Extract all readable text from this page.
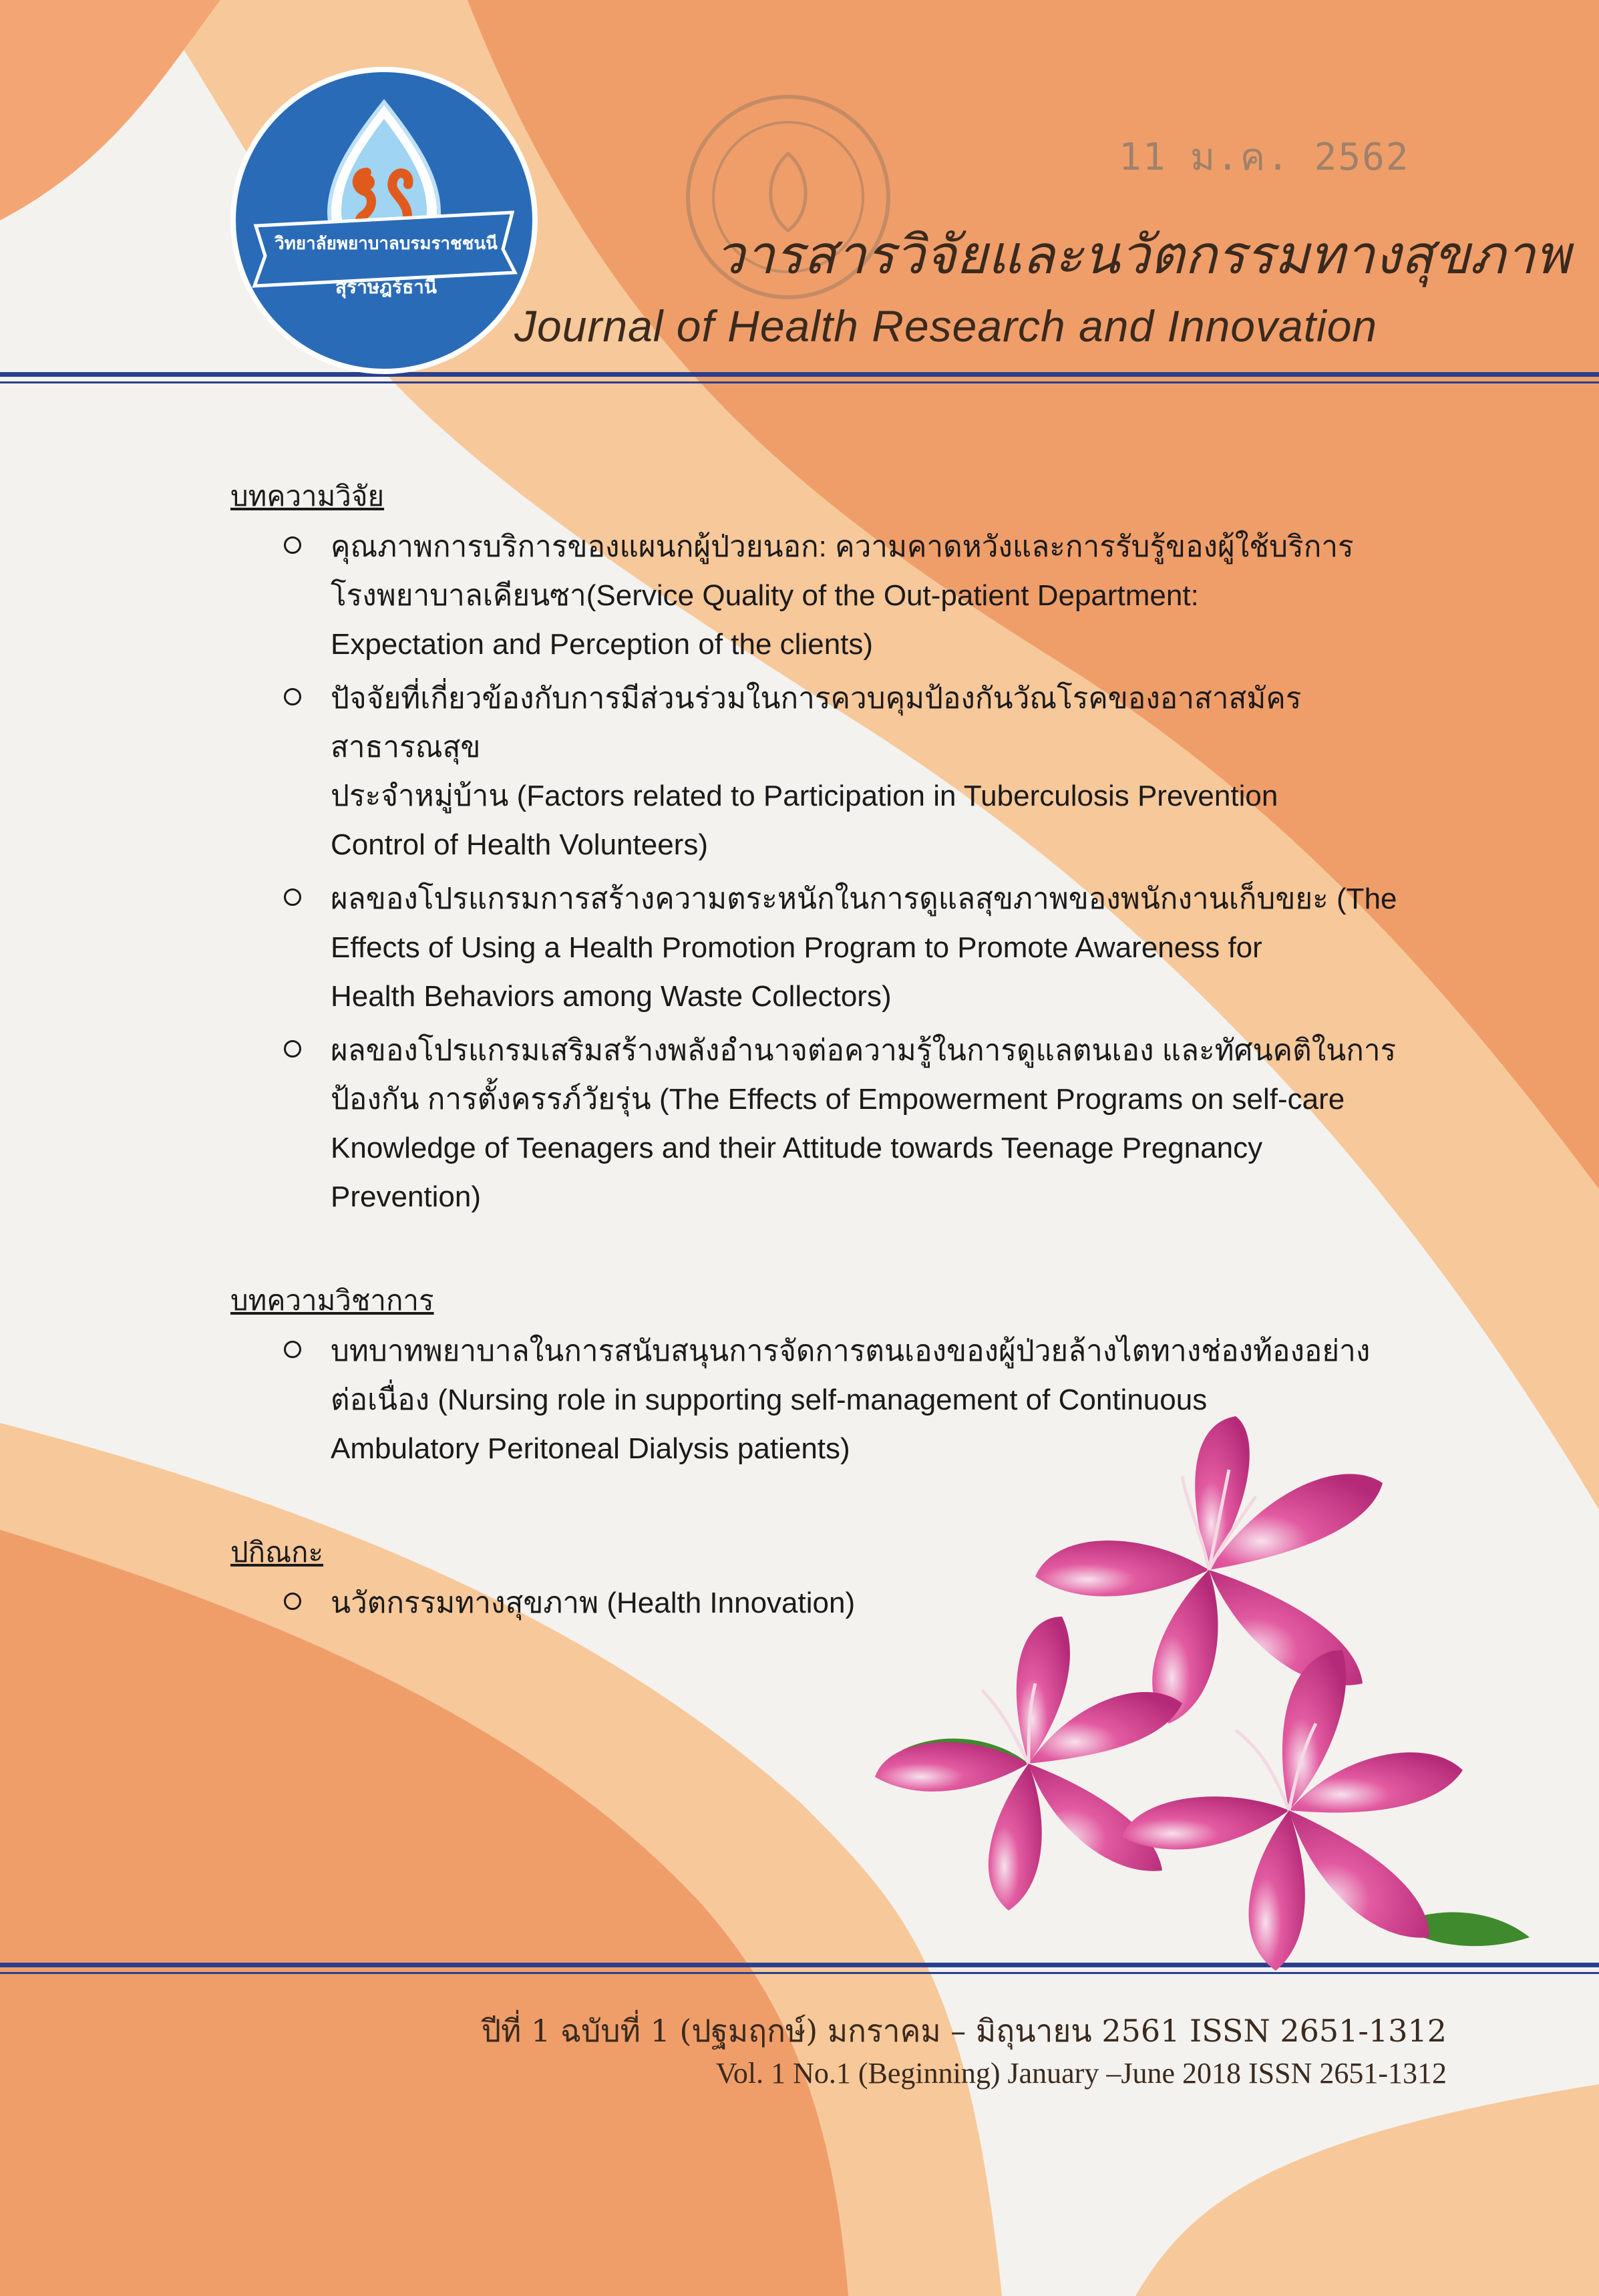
11 ม.ค. 2562
วิทยาลัยพยาบาลบรมราชชนนี
สุราษฎร์ธานี
วารสารวิจัยและนวัตกรรมทางสุขภาพ
Journal of Health Research and Innovation
บทความวิจัย
คุณภาพการบริการของแผนกผู้ป่วยนอก: ความคาดหวังและการรับรู้ของผู้ใช้บริการ
โรงพยาบาลเคียนซา(Service Quality of the Out-patient Department:
Expectation and Perception of the clients)
ปัจจัยที่เกี่ยวข้องกับการมีส่วนร่วมในการควบคุมป้องกันวัณโรคของอาสาสมัครสาธารณสุข
ประจำหมู่บ้าน (Factors related to Participation in Tuberculosis Prevention
Control of Health Volunteers)
ผลของโปรแกรมการสร้างความตระหนักในการดูแลสุขภาพของพนักงานเก็บขยะ (The
Effects of Using a Health Promotion Program to Promote Awareness for
Health Behaviors among Waste Collectors)
ผลของโปรแกรมเสริมสร้างพลังอำนาจต่อความรู้ในการดูแลตนเอง และทัศนคติในการ
ป้องกัน การตั้งครรภ์วัยรุ่น (The Effects of Empowerment Programs on self-care
Knowledge of Teenagers and their Attitude towards Teenage Pregnancy
Prevention)
บทความวิชาการ
บทบาทพยาบาลในการสนับสนุนการจัดการตนเองของผู้ป่วยล้างไตทางช่องท้องอย่าง
ต่อเนื่อง (Nursing role in supporting self-management of Continuous
Ambulatory Peritoneal Dialysis patients)
ปกิณกะ
นวัตกรรมทางสุขภาพ (Health Innovation)
ปีที่ 1 ฉบับที่ 1 (ปฐมฤกษ์) มกราคม – มิถุนายน 2561 ISSN 2651-1312
Vol. 1 No.1 (Beginning) January –June 2018 ISSN 2651-1312
